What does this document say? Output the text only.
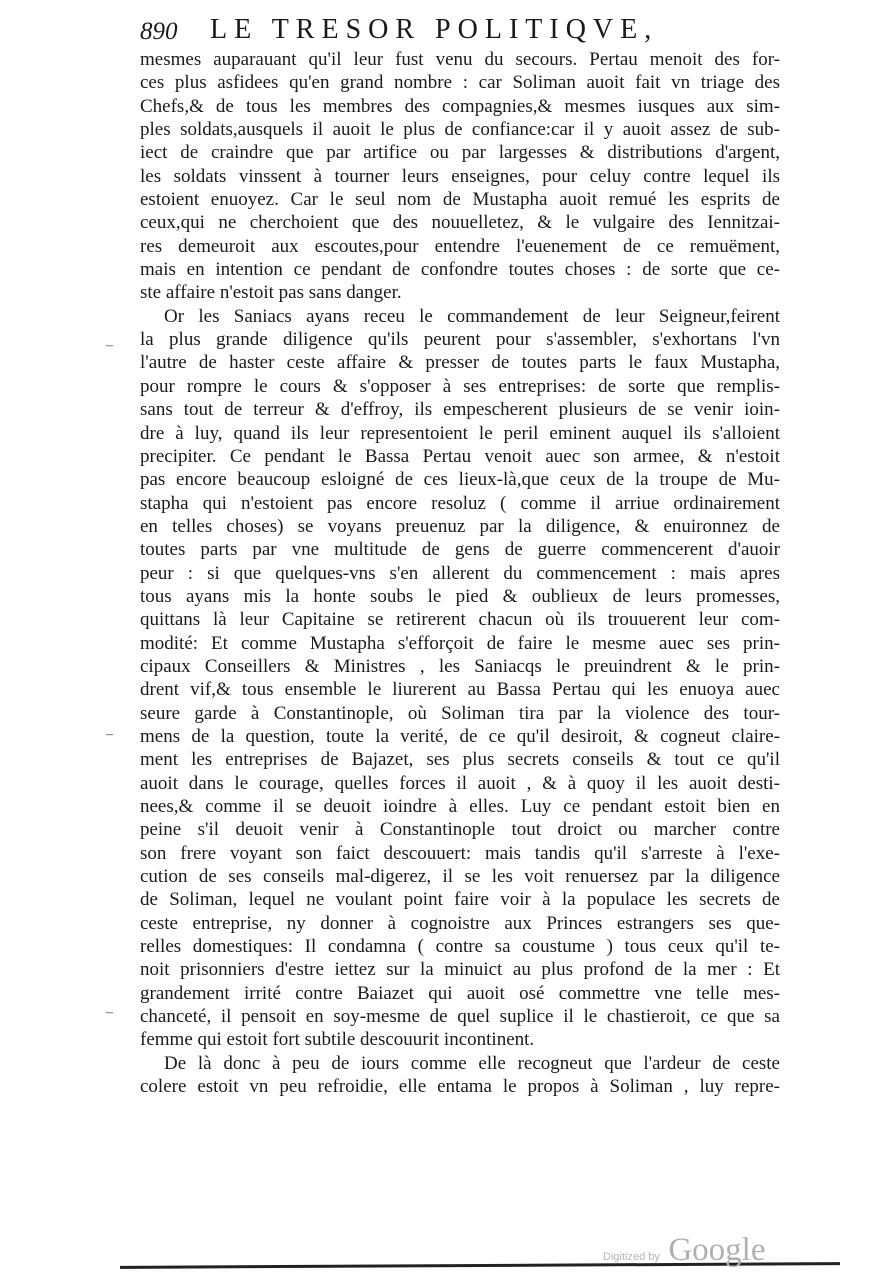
890 LE TRESOR POLITIQVE,
mesmes auparauant qu'il leur fust venu du secours. Pertau menoit des for-
ces plus asfidees qu'en grand nombre : car Soliman auoit fait vn triage des
Chefs,& de tous les membres des compagnies,& mesmes iusques aux sim-
ples soldats,ausquels il auoit le plus de confiance:car il y auoit assez de sub-
iect de craindre que par artifice ou par largesses & distributions d'argent,
les soldats vinssent à tourner leurs enseignes, pour celuy contre lequel ils
estoient enuoyez. Car le seul nom de Mustapha auoit remué les esprits de
ceux,qui ne cherchoient que des nouuelletez, & le vulgaire des Iennitzai-
res demeuroit aux escoutes,pour entendre l'euenement de ce remuëment,
mais en intention ce pendant de confondre toutes choses : de sorte que ce-
ste affaire n'estoit pas sans danger.
Or les Saniacs ayans receu le commandement de leur Seigneur,feirent
la plus grande diligence qu'ils peurent pour s'assembler, s'exhortans l'vn
l'autre de haster ceste affaire & presser de toutes parts le faux Mustapha,
pour rompre le cours & s'opposer à ses entreprises: de sorte que remplis-
sans tout de terreur & d'effroy, ils empescherent plusieurs de se venir ioin-
dre à luy, quand ils leur representoient le peril eminent auquel ils s'alloient
precipiter. Ce pendant le Bassa Pertau venoit auec son armee, & n'estoit
pas encore beaucoup esloigné de ces lieux-là,que ceux de la troupe de Mu-
stapha qui n'estoient pas encore resoluz ( comme il arriue ordinairement
en telles choses) se voyans preuenuz par la diligence, & enuironnez de
toutes parts par vne multitude de gens de guerre commencerent d'auoir
peur : si que quelques-vns s'en allerent du commencement : mais apres
tous ayans mis la honte soubs le pied & oublieux de leurs promesses,
quittans là leur Capitaine se retirerent chacun où ils trouuerent leur com-
modité: Et comme Mustapha s'efforçoit de faire le mesme auec ses prin-
cipaux Conseillers & Ministres , les Saniacqs le preuindrent & le prin-
drent vif,& tous ensemble le liurerent au Bassa Pertau qui les enuoya auec
seure garde à Constantinople, où Soliman tira par la violence des tour-
mens de la question, toute la verité, de ce qu'il desiroit, & cogneut claire-
ment les entreprises de Bajazet, ses plus secrets conseils & tout ce qu'il
auoit dans le courage, quelles forces il auoit , & à quoy il les auoit desti-
nees,& comme il se deuoit ioindre à elles. Luy ce pendant estoit bien en
peine s'il deuoit venir à Constantinople tout droict ou marcher contre
son frere voyant son faict descouuert: mais tandis qu'il s'arreste à l'exe-
cution de ses conseils mal-digerez, il se les voit renuersez par la diligence
de Soliman, lequel ne voulant point faire voir à la populace les secrets de
ceste entreprise, ny donner à cognoistre aux Princes estrangers ses que-
relles domestiques: Il condamna ( contre sa coustume ) tous ceux qu'il te-
noit prisonniers d'estre iettez sur la minuict au plus profond de la mer : Et
grandement irrité contre Baiazet qui auoit osé commettre vne telle mes-
chanceté, il pensoit en soy-mesme de quel suplice il le chastieroit, ce que sa
femme qui estoit fort subtile descouurit incontinent.
De là donc à peu de iours comme elle recogneut que l'ardeur de ceste
colere estoit vn peu refroidie, elle entama le propos à Soliman , luy repre-
–
–
–
Digitized by Google
